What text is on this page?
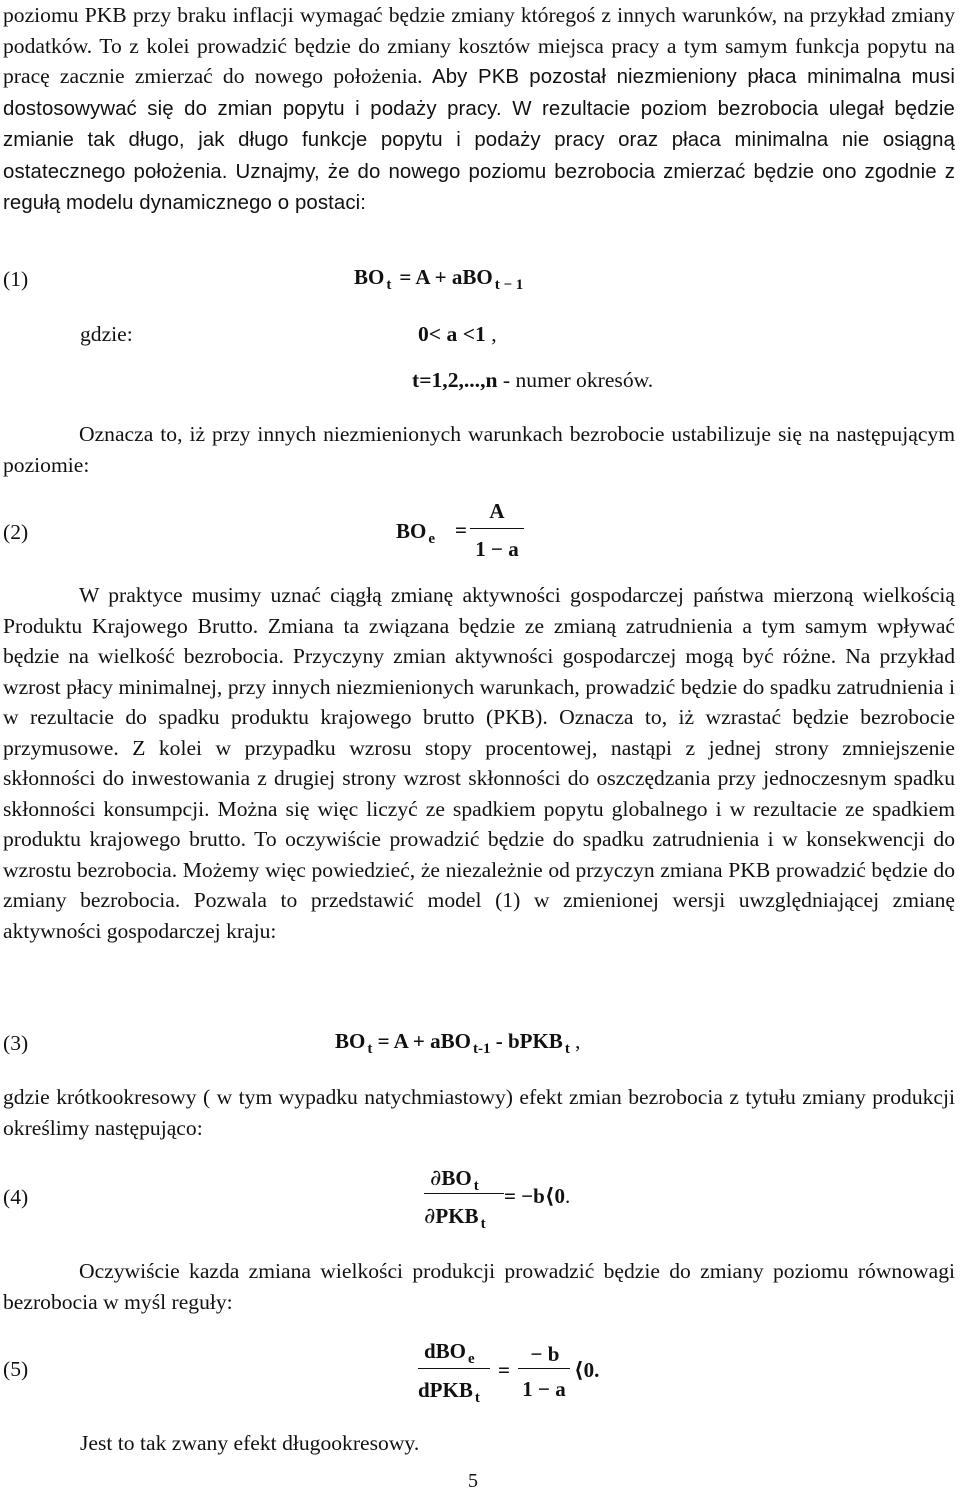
poziomu PKB przy braku inflacji wymagać będzie zmiany któregoś z innych warunków, na przykład zmiany podatków. To z kolei prowadzić będzie do zmiany kosztów miejsca pracy a tym samym funkcja popytu na pracę zacznie zmierzać do nowego położenia. Aby PKB pozostał niezmieniony płaca minimalna musi dostosowywać się do zmian popytu i podaży pracy. W rezultacie poziom bezrobocia ulegał będzie zmianie tak długo, jak długo funkcje popytu i podaży pracy oraz płaca minimalna nie osiągną ostatecznego położenia. Uznajmy, że do nowego poziomu bezrobocia zmierzać będzie ono zgodnie z regułą modelu dynamicznego o postaci:

(1)	BO $_t$ = A + aBO $_{t - 1}$
gdzie:	0< a <1 ,
t=1,2,...,n - numer okresów.

Oznacza to, iż przy innych niezmienionych warunkach bezrobocie ustabilizuje się na następującym poziomie:

(2)	BO $_e$ =
A
1 − a

W praktyce musimy uznać ciągłą zmianę aktywności gospodarczej państwa mierzoną wielkością Produktu Krajowego Brutto. Zmiana ta związana będzie ze zmianą zatrudnienia a tym samym wpływać będzie na wielkość bezrobocia. Przyczyny zmian aktywności gospodarczej mogą być różne. Na przykład wzrost płacy minimalnej, przy innych niezmienionych warunkach, prowadzić będzie do spadku zatrudnienia i w rezultacie do spadku produktu krajowego brutto (PKB). Oznacza to, iż wzrastać będzie bezrobocie przymusowe. Z kolei w przypadku wzrosu stopy procentowej, nastąpi z jednej strony zmniejszenie skłonności do inwestowania z drugiej strony wzrost skłonności do oszczędzania przy jednoczesnym spadku skłonności konsumpcji. Można się więc liczyć ze spadkiem popytu globalnego i w rezultacie ze spadkiem produktu krajowego brutto. To oczywiście prowadzić będzie do spadku zatrudnienia i w konsekwencji do wzrostu bezrobocia. Możemy więc powiedzieć, że niezależnie od przyczyn zmiana PKB prowadzić będzie do zmiany bezrobocia. Pozwala to przedstawić model (1) w zmienionej wersji uwzględniającej zmianę aktywności gospodarczej kraju:

(3)	BO $_t$ = A + aBO $_{t-1}$ - bPKB $_t$ ,

gdzie krótkookresowy ( w tym wypadku natychmiastowy) efekt zmian bezrobocia z tytułu zmiany produkcji określimy następująco:

(4)
∂BO $_t$
∂PKB $_t$
= −b⟨0.

Oczywiście kazda zmiana wielkości produkcji prowadzić będzie do zmiany poziomu równowagi bezrobocia w myśl reguły:

(5)
dBO $_e$
dPKB $_t$
=
− b
1 − a
⟨0.

Jest to tak zwany efekt długookresowy.

5
